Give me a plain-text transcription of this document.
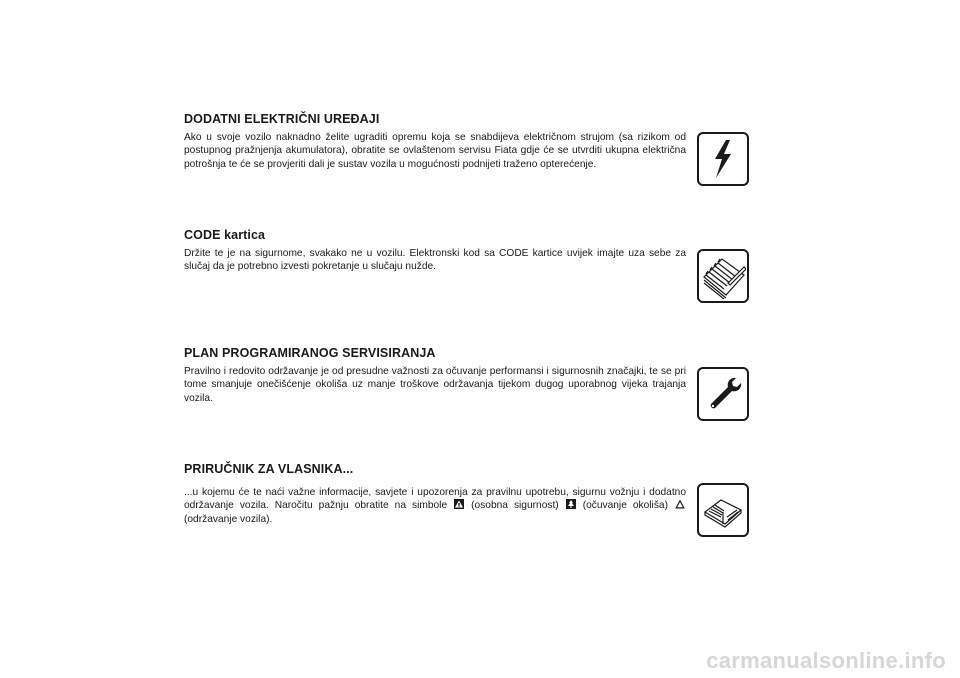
DODATNI ELEKTRIČNI UREĐAJI

Ako u svoje vozilo naknadno želite ugraditi opremu koja se snabdijeva električnom strujom (sa rizikom od postupnog pražnjenja akumulatora), obratite se ovlaštenom servisu Fiata gdje će se utvrditi ukupna električna potrošnja te će se provjeriti dali je sustav vozila u mogućnosti podnijeti traženo opterećenje.

CODE kartica

Držite te je na sigurnome, svakako ne u vozilu. Elektronski kod sa CODE kartice uvijek imajte uza sebe za slučaj da je potrebno izvesti pokretanje u slučaju nužde.

PLAN PROGRAMIRANOG SERVISIRANJA

Pravilno i redovito održavanje je od presudne važnosti za očuvanje performansi i sigurnosnih značajki, te se pri tome smanjuje onečišćenje okoliša uz manje troškove održavanja tijekom dugog uporabnog vijeka trajanja vozila.

PRIRUČNIK ZA VLASNIKA...

...u kojemu će te naći važne informacije, savjete i upozorenja za pravilnu upotrebu, sigurnu vožnju i dodatno održavanje vozila. Naročitu pažnju obratite na simbole  (osobna sigurnost)  (očuvanje okoliša)  (održavanje vozila).

carmanualsonline.info
